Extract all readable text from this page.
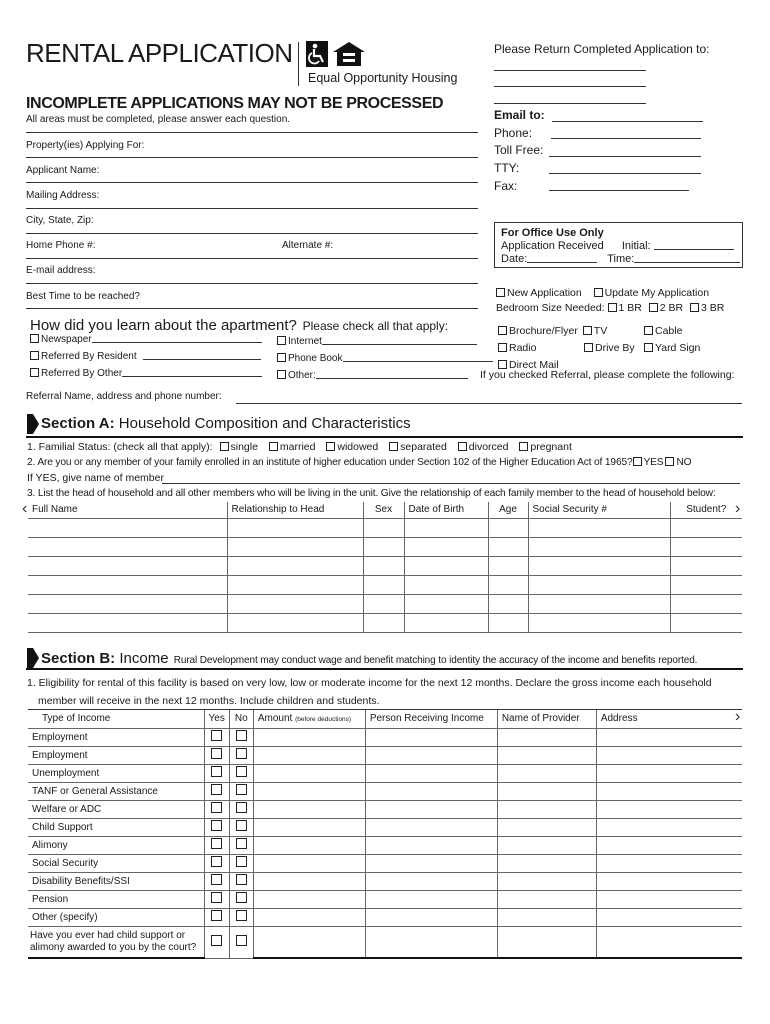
RENTAL APPLICATION
Equal Opportunity Housing
INCOMPLETE APPLICATIONS MAY NOT BE PROCESSED
All areas must be completed, please answer each question.
Please Return Completed Application to:
Email to:
Phone:
Toll Free:
TTY:
Fax:
Property(ies) Applying For:
Applicant Name:
Mailing Address:
City, State, Zip:
Home Phone #:	Alternate #:
E-mail address:
Best Time to be reached?
For Office Use Only
Application Received Initial:
Date:	Time:
New Application Update My Application
Bedroom Size Needed: 1 BR 2 BR 3 BR
How did you learn about the apartment? Please check all that apply:
Newspaper	Internet
Brochure/Flyer TV	Cable
Referred By Resident	Phone Book
Radio	Drive By	Yard Sign
Referred By Other	Other:
Direct Mail
If you checked Referral, please complete the following:
Referral Name, address and phone number:
Section A: Household Composition and Characteristics
1. Familial Status: (check all that apply): single married widowed separated divorced pregnant
2. Are you or any member of your family enrolled in an institute of higher education under Section 102 of the Higher Education Act of 1965? YES NO
If YES, give name of member
3. List the head of household and all other members who will be living in the unit. Give the relationship of each family member to the head of household below:
‹	›
Full Name	Relationship to Head	Sex	Date of Birth	Age	Social Security #	Student?

Section B: Income Rural Development may conduct wage and benefit matching to identity the accuracy of the income and benefits reported.
1. Eligibility for rental of this facility is based on very low, low or moderate income for the next 12 months. Declare the gross income each household
member will receive in the next 12 months. Include children and students.
›
Type of Income	Yes	No	Amount (before deductions)	Person Receiving Income	Name of Provider	Address
Employment						
Employment						
Unemployment						
TANF or General Assistance						
Welfare or ADC						
Child Support						
Alimony						
Social Security						
Disability Benefits/SSI						
Pension						
Other (specify)						

Have you ever had child support or
alimony awarded to you by the court?						
